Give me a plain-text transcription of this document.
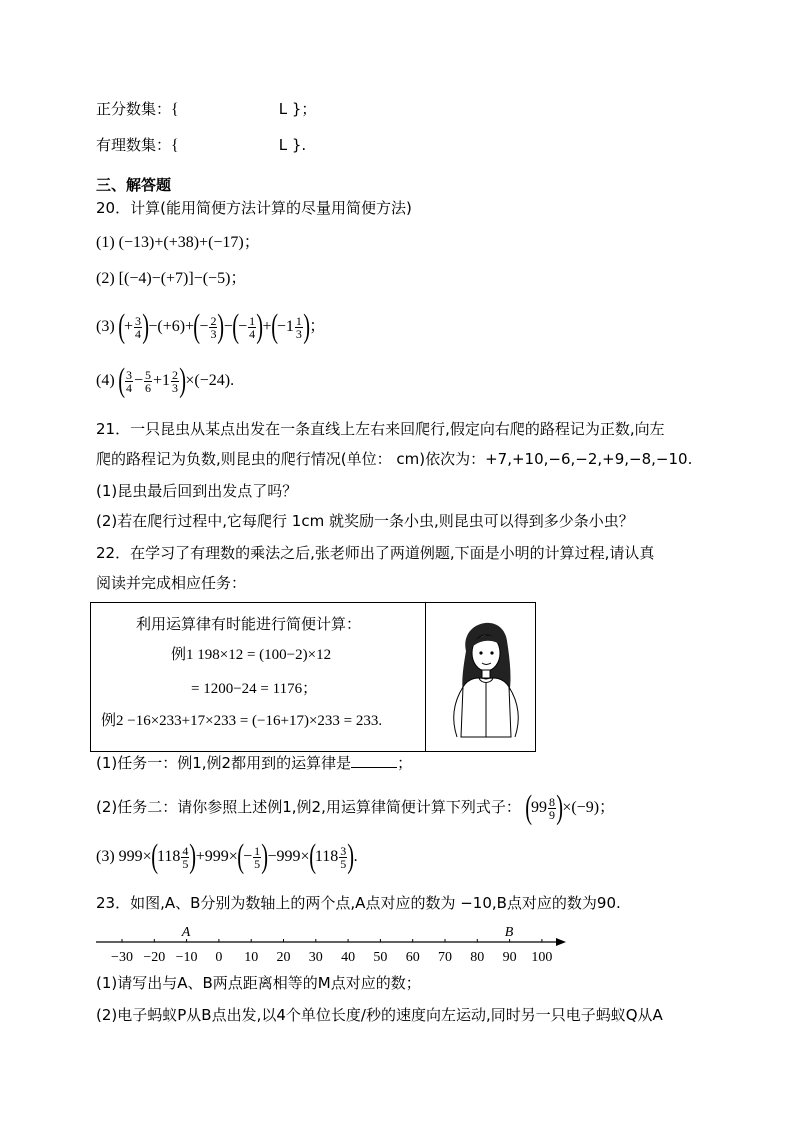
正分数集：{	L }；
有理数集：{	L }.
三、解答题
20．计算(能用简便方法计算的尽量用简便方法)
(1) (−13)+(+38)+(−17)；
(2) [(−4)−(+7)]−(−5)；
(3) (+ $\frac{3}{4} )-(+6)+(- \frac{2}{3}$ )−(− $\frac{1}{4} )+(-1 \frac{1}{3}$ )；
(4) ( $\frac{3}{4} - \frac{5}{6} +1 \frac{2}{3} )\times(-24)$.
21．一只昆虫从某点出发在一条直线上左右来回爬行,假定向右爬的路程记为正数,向左
爬的路程记为负数,则昆虫的爬行情况(单位： cm)依次为：+7,+10,−6,−2,+9,−8,−10.
(1)昆虫最后回到出发点了吗？
(2)若在爬行过程中,它每爬行 1cm 就奖励一条小虫,则昆虫可以得到多少条小虫？
22．在学习了有理数的乘法之后,张老师出了两道例题,下面是小明的计算过程,请认真
阅读并完成相应任务：
利用运算律有时能进行简便计算：
例1 198×12 = (100−2)×12
= 1200−24 = 1176；
例2 −16×233+17×233 = (−16+17)×233 = 233.
(1)任务一：例1,例2都用到的运算律是	；
(2)任务二：请你参照上述例1,例2,用运算律简便计算下列式子： $(99 \frac{8}{9} )\times(-9)$；
(3) $999\times(118 \frac{4}{5} )+999\times(- \frac{1}{5} )-999\times(118 \frac{3}{5}$ ).
23．如图,A、B分别为数轴上的两个点,A点对应的数为 −10,B点对应的数为90.
−30 −20 −10 0 10 20 30 40 50 60 70 80 90 100
A	B
(1)请写出与A、B两点距离相等的M点对应的数；
(2)电子蚂蚁P从B点出发,以4个单位长度/秒的速度向左运动,同时另一只电子蚂蚁Q从A
